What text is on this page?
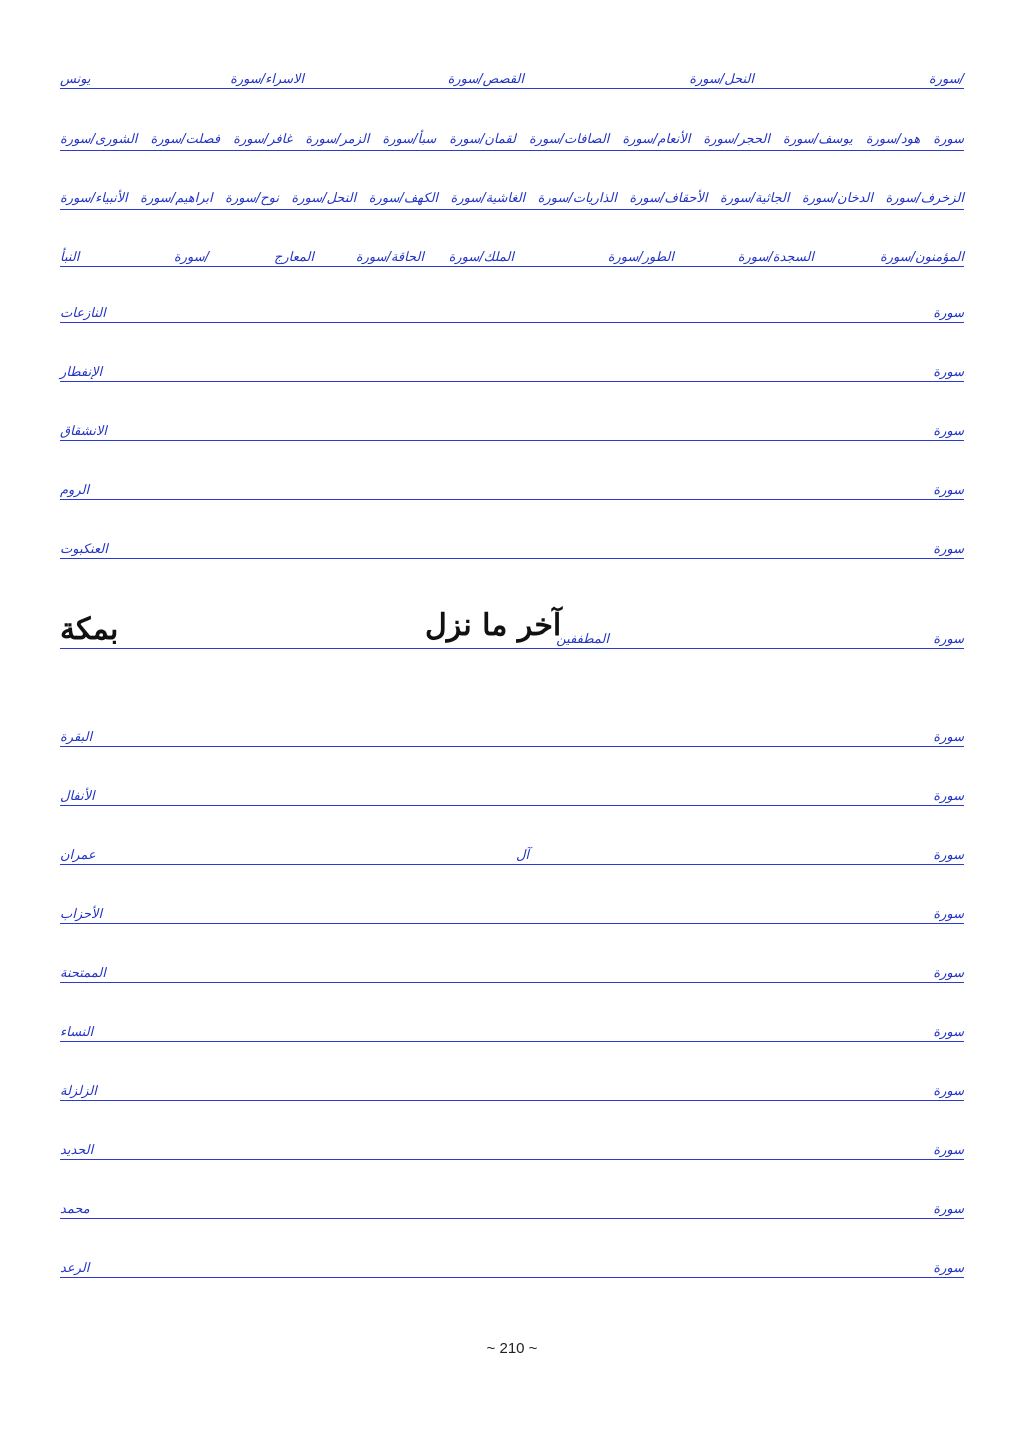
/سورة
النحل/سورة
القصص/سورة
الاسراء/سورة
يونس
سورة هود/سورة يوسف/سورة الحجر/سورة الأنعام/سورة الصافات/سورة لقمان/سورة سبأ/سورة الزمر/سورة غافر/سورة فصلت/سورة الشورى/سورة
الزخرف/سورة الدخان/سورة الجاثية/سورة الأحقاف/سورة الذاريات/سورة الغاشية/سورة الكهف/سورة النحل/سورة نوح/سورة ابراهيم/سورة الأنبياء/سورة
المؤمنون/سورة
السجدة/سورة
الطور/سورة
الملك/سورة
الحاقة/سورة
المعارج
/سورة
النبأ
سورة
النازعات
سورة
الإنفطار
سورة
الانشقاق
سورة
الروم
سورة
العنكبوت
سورة
المطففين
آخر ما نزل
بمكة
سورة
البقرة
سورة
الأنفال
سورة
آل
عمران
سورة
الأحزاب
سورة
الممتحنة
سورة
النساء
سورة
الزلزلة
سورة
الحديد
سورة
محمد
سورة
الرعد
~ 210 ~
